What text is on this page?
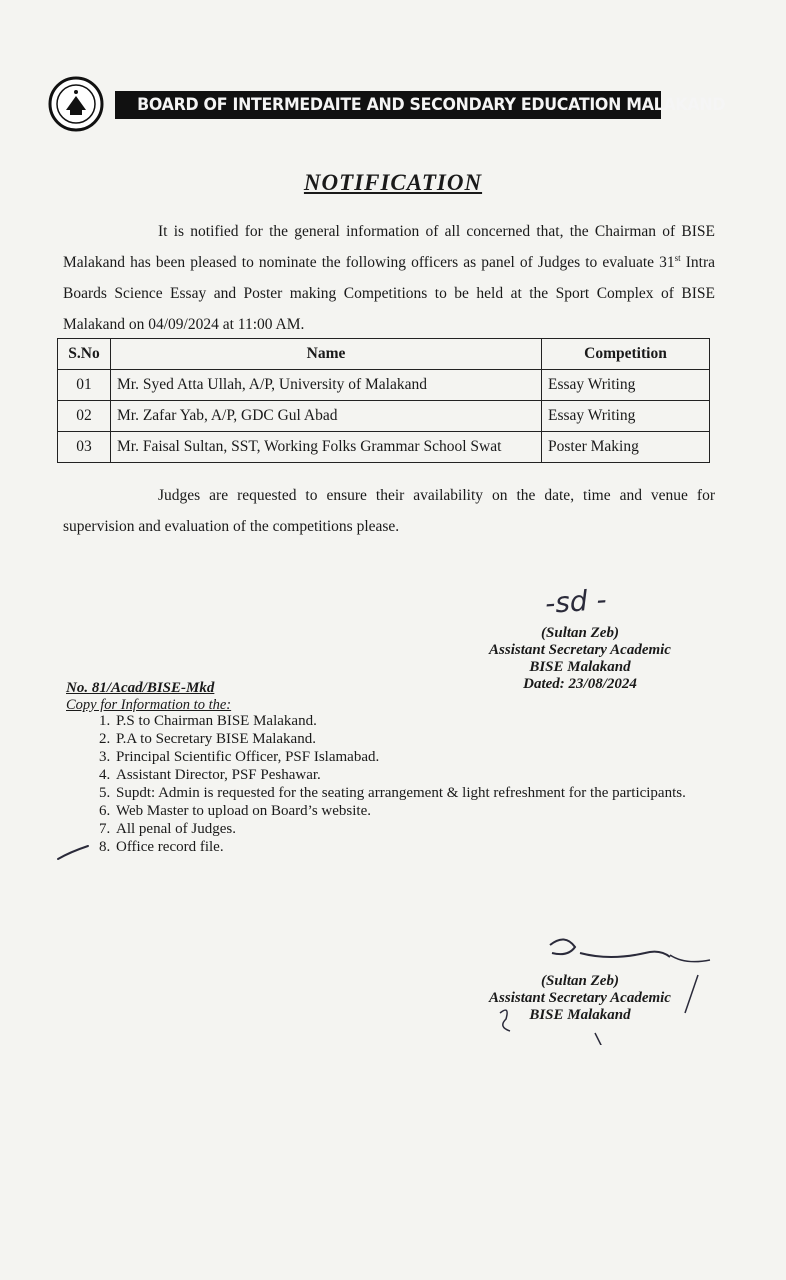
BOARD OF INTERMEDAITE AND SECONDARY EDUCATION MALAKAND
NOTIFICATION
It is notified for the general information of all concerned that, the Chairman of BISE Malakand has been pleased to nominate the following officers as panel of Judges to evaluate 31st Intra Boards Science Essay and Poster making Competitions to be held at the Sport Complex of BISE Malakand on 04/09/2024 at 11:00 AM.
S.No	Name	Competition
01	Mr. Syed Atta Ullah, A/P, University of Malakand	Essay Writing
02	Mr. Zafar Yab, A/P, GDC Gul Abad	Essay Writing
03	Mr. Faisal Sultan, SST, Working Folks Grammar School Swat	Poster Making
Judges are requested to ensure their availability on the date, time and venue for supervision and evaluation of the competitions please.
-sd -
(Sultan Zeb)
Assistant Secretary Academic
BISE Malakand
Dated: 23/08/2024
No. 81/Acad/BISE-Mkd
Copy for Information to the:
1. P.S to Chairman BISE Malakand.
2. P.A to Secretary BISE Malakand.
3. Principal Scientific Officer, PSF Islamabad.
4. Assistant Director, PSF Peshawar.
5. Supdt: Admin is requested for the seating arrangement & light refreshment for the participants.
6. Web Master to upload on Board’s website.
7. All penal of Judges.
8. Office record file.
(Sultan Zeb)
Assistant Secretary Academic
BISE Malakand
